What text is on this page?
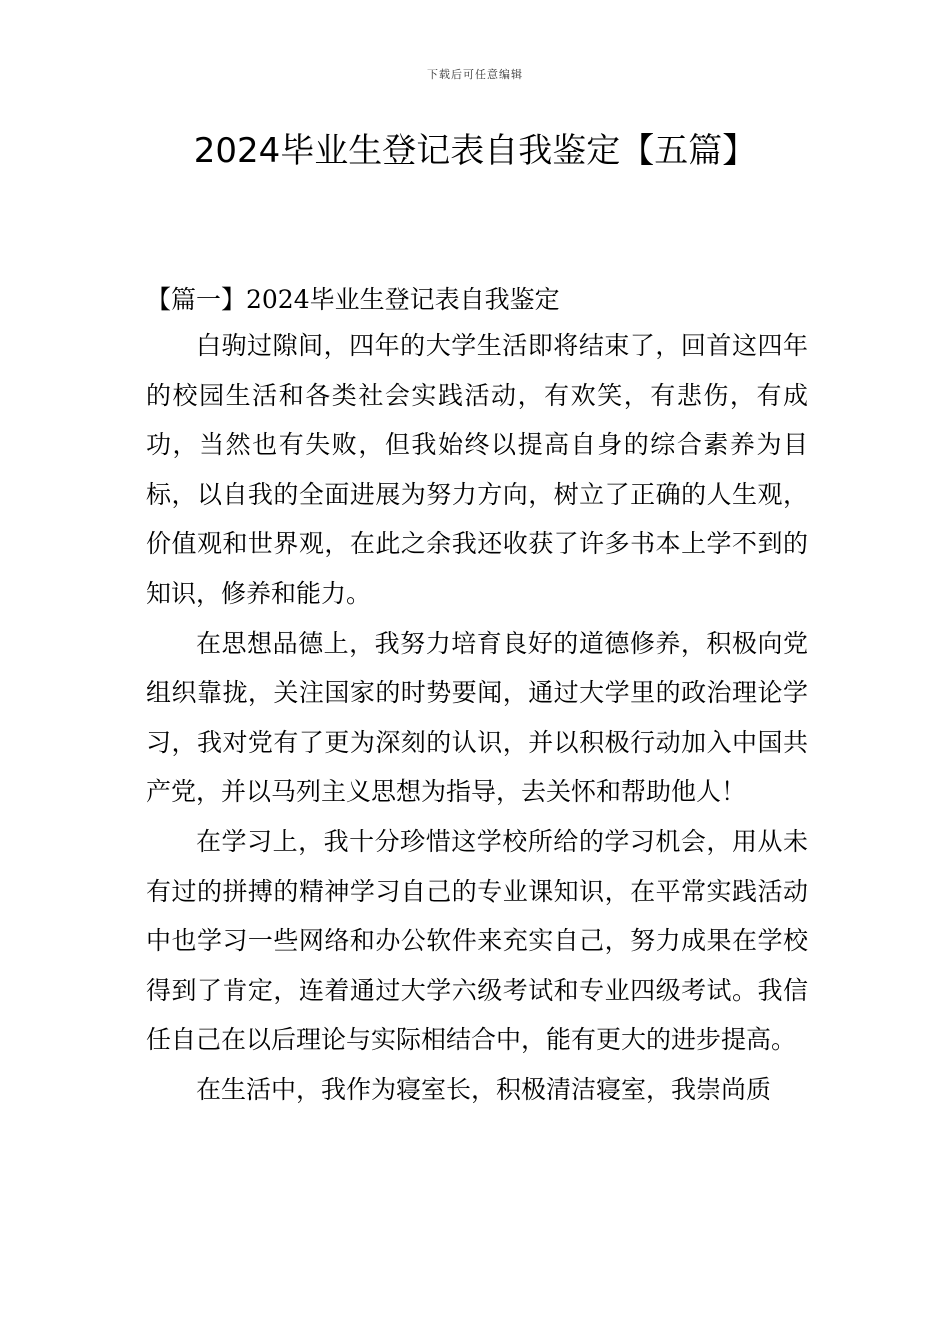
下载后可任意编辑
2024毕业生登记表自我鉴定【五篇】
【篇一】2024毕业生登记表自我鉴定

白驹过隙间，四年的大学生活即将结束了，回首这四年的校园生活和各类社会实践活动，有欢笑，有悲伤，有成功，当然也有失败，但我始终以提高自身的综合素养为目标，以自我的全面进展为努力方向，树立了正确的人生观，价值观和世界观，在此之余我还收获了许多书本上学不到的知识，修养和能力。

在思想品德上，我努力培育良好的道德修养，积极向党组织靠拢，关注国家的时势要闻，通过大学里的政治理论学习，我对党有了更为深刻的认识，并以积极行动加入中国共产党，并以马列主义思想为指导，去关怀和帮助他人！

在学习上，我十分珍惜这学校所给的学习机会，用从未有过的拼搏的精神学习自己的专业课知识，在平常实践活动中也学习一些网络和办公软件来充实自己，努力成果在学校得到了肯定，连着通过大学六级考试和专业四级考试。我信任自己在以后理论与实际相结合中，能有更大的进步提高。

在生活中，我作为寝室长，积极清洁寝室，我崇尚质
